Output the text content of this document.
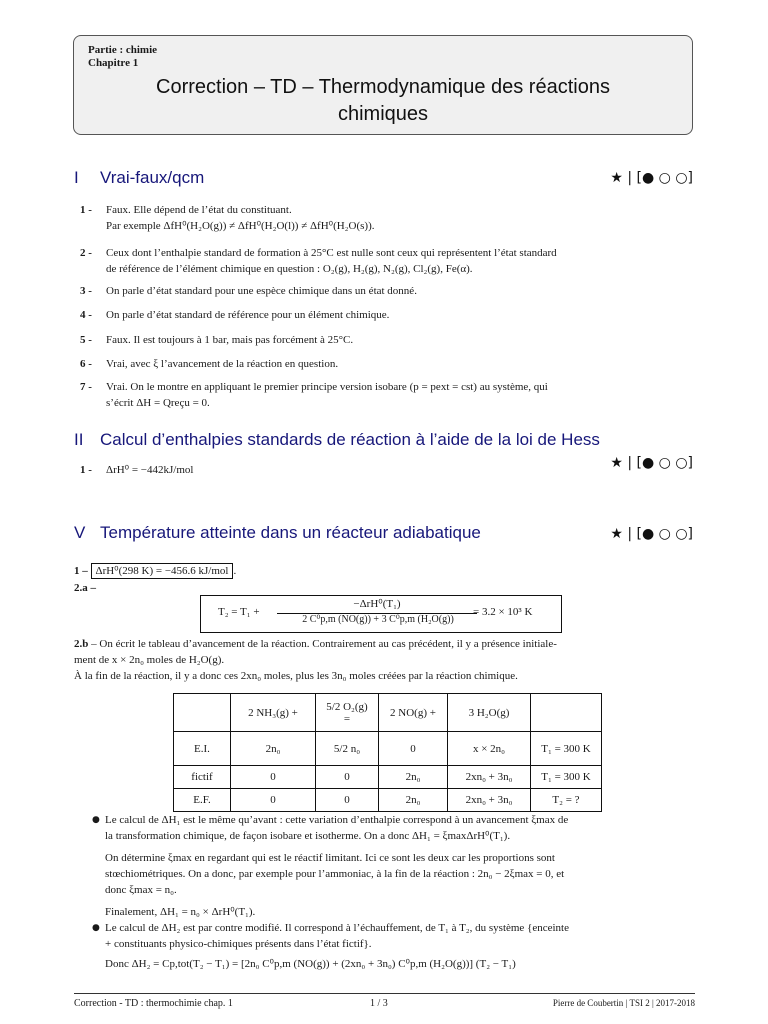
Partie : chimie
Chapitre 1
Correction – TD – Thermodynamique des réactions
chimiques
I Vrai-faux/qcm	★ | [● ○ ○]
1 - Faux. Elle dépend de l’état du constituant.
Par exemple ΔfH⁰(H₂O(g)) ≠ ΔfH⁰(H₂O(l)) ≠ ΔfH⁰(H₂O(s)).
2 - Ceux dont l’enthalpie standard de formation à 25°C est nulle sont ceux qui représentent l’état standard
de référence de l’élément chimique en question : O₂(g), H₂(g), N₂(g), Cl₂(g), Fe(α).
3 - On parle d’état standard pour une espèce chimique dans un état donné.
4 - On parle d’état standard de référence pour un élément chimique.
5 - Faux. Il est toujours à 1 bar, mais pas forcément à 25°C.
6 - Vrai, avec ξ l’avancement de la réaction en question.
7 - Vrai. On le montre en appliquant le premier principe version isobare (p = pext = cst) au système, qui
s’écrit ΔH = Qreçu = 0.
II Calcul d’enthalpies standards de réaction à l’aide de la loi de Hess
★ | [● ○ ○]
1 - ΔrH⁰ = −442kJ/mol
V Température atteinte dans un réacteur adiabatique	★ | [● ○ ○]
1 – ΔrH⁰(298 K) = −456.6 kJ/mol .
2.a –
T₂ = T₁ +
−ΔrH⁰(T₁)
2 C⁰p,m (NO(g)) + 3 C⁰p,m (H₂O(g))
= 3.2 × 10³ K
2.b – On écrit le tableau d’avancement de la réaction. Contrairement au cas précédent, il y a présence initiale-
ment de x × 2n₀ moles de H₂O(g).
À la fin de la réaction, il y a donc ces 2xn₀ moles, plus les 3n₀ moles créées par la réaction chimique.
	2 NH₃(g) +	5/2 O₂(g) =	2 NO(g) +	3 H₂O(g)	
E.I.	2n₀	5/2 n₀	0	x × 2n₀	T₁ = 300 K
fictif	0	0	2n₀	2xn₀ + 3n₀	T₁ = 300 K
E.F.	0	0	2n₀	2xn₀ + 3n₀	T₂ = ?
● Le calcul de ΔH₁ est le même qu’avant : cette variation d’enthalpie correspond à un avancement ξmax de
la transformation chimique, de façon isobare et isotherme. On a donc ΔH₁ = ξmaxΔrH⁰(T₁).
On détermine ξmax en regardant qui est le réactif limitant. Ici ce sont les deux car les proportions sont
stœchiométriques. On a donc, par exemple pour l’ammoniac, à la fin de la réaction : 2n₀ − 2ξmax = 0, et
donc ξmax = n₀.
Finalement, ΔH₁ = n₀ × ΔrH⁰(T₁).
● Le calcul de ΔH₂ est par contre modifié. Il correspond à l’échauffement, de T₁ à T₂, du système {enceinte
+ constituants physico-chimiques présents dans l’état fictif}.
Donc ΔH₂ = Cp,tot(T₂ − T₁) = [2n₀ C⁰p,m (NO(g)) + (2xn₀ + 3n₀) C⁰p,m (H₂O(g))] (T₂ − T₁)
Correction - TD : thermochimie chap. 1	1 / 3	Pierre de Coubertin | TSI 2 | 2017-2018
